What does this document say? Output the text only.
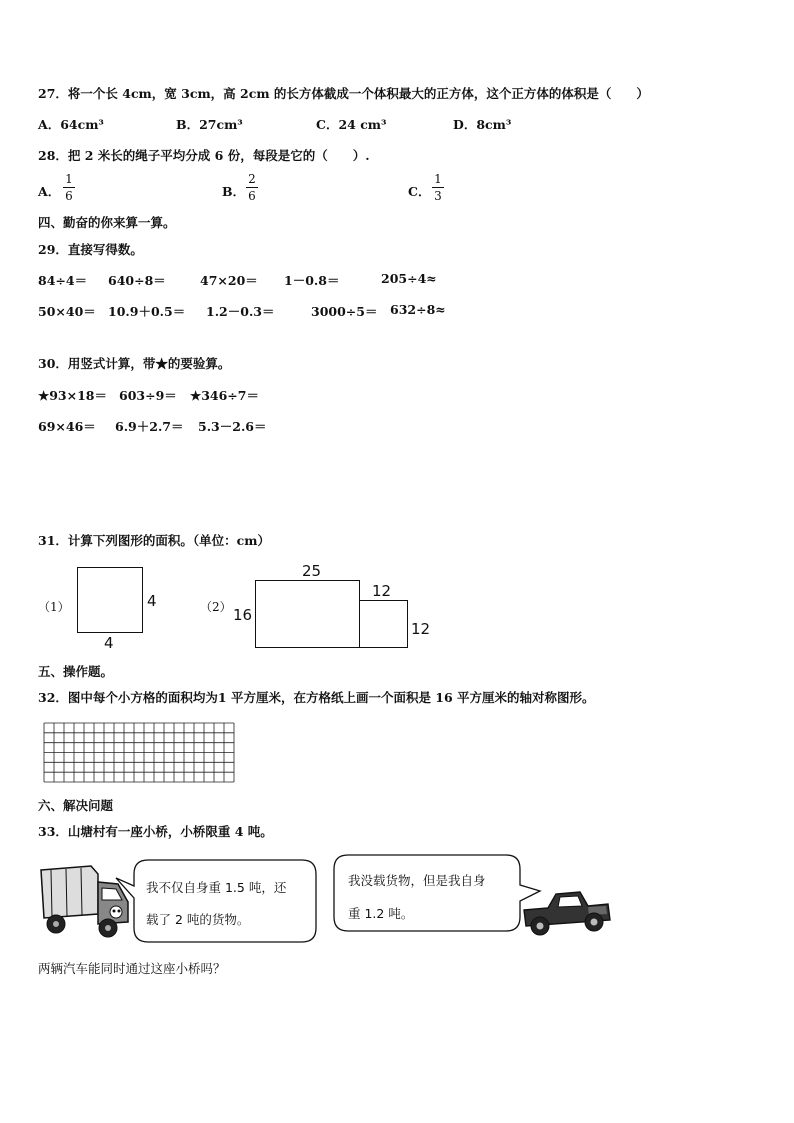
27．将一个长 4cm，宽 3cm，高 2cm 的长方体截成一个体积最大的正方体，这个正方体的体积是（　　）
A．64cm³	B．27cm³	C．24 cm³	D．8cm³
28．把 2 米长的绳子平均分成 6 份，每段是它的（　　）.
A．
1
6	B．
2
6	C．
1
3
四、勤奋的你来算一算。
29．直接写得数。
84÷4＝ 640÷8＝	47×20＝ 1－0.8＝	205÷4≈
50×40＝ 10.9＋0.5＝ 1.2－0.3＝	3000÷5＝ 632÷8≈
30．用竖式计算，带★的要验算。
★93×18＝ 603÷9＝ ★346÷7＝
69×46＝ 6.9＋2.7＝ 5.3－2.6＝
31．计算下列图形的面积。（单位：cm）
（1）	4
4
（2） 16
25
12
12
五、操作题。
32．图中每个小方格的面积均为1 平方厘米，在方格纸上画一个面积是 16 平方厘米的轴对称图形。
六、解决问题
33．山塘村有一座小桥，小桥限重 4 吨。
我不仅自身重 1.5 吨，还
载了 2 吨的货物。
我没载货物，但是我自身
重 1.2 吨。
两辆汽车能同时通过这座小桥吗？
